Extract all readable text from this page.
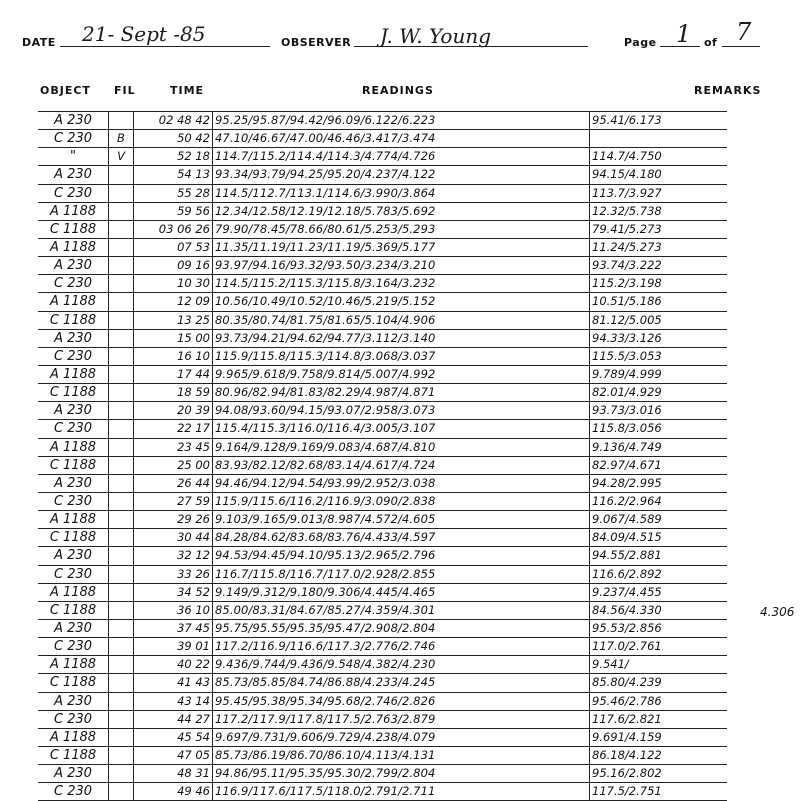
DATE 21- Sept -85	OBSERVER J. W. Young	Page 1 of 7
OBJECT FIL	TIME	READINGS	REMARKS
A 230		02 48 42	95.25/95.87/94.42/96.09/6.122/6.223	95.41/6.173
C 230	B	50 42	47.10/46.67/47.00/46.46/3.417/3.474	
"	V	52 18	114.7/115.2/114.4/114.3/4.774/4.726	114.7/4.750
A 230		54 13	93.34/93.79/94.25/95.20/4.237/4.122	94.15/4.180
C 230		55 28	114.5/112.7/113.1/114.6/3.990/3.864	113.7/3.927
A 1188		59 56	12.34/12.58/12.19/12.18/5.783/5.692	12.32/5.738
C 1188		03 06 26	79.90/78.45/78.66/80.61/5.253/5.293	79.41/5.273
A 1188		07 53	11.35/11.19/11.23/11.19/5.369/5.177	11.24/5.273
A 230		09 16	93.97/94.16/93.32/93.50/3.234/3.210	93.74/3.222
C 230		10 30	114.5/115.2/115.3/115.8/3.164/3.232	115.2/3.198
A 1188		12 09	10.56/10.49/10.52/10.46/5.219/5.152	10.51/5.186
C 1188		13 25	80.35/80.74/81.75/81.65/5.104/4.906	81.12/5.005
A 230		15 00	93.73/94.21/94.62/94.77/3.112/3.140	94.33/3.126
C 230		16 10	115.9/115.8/115.3/114.8/3.068/3.037	115.5/3.053
A 1188		17 44	9.965/9.618/9.758/9.814/5.007/4.992	9.789/4.999
C 1188		18 59	80.96/82.94/81.83/82.29/4.987/4.871	82.01/4.929
A 230		20 39	94.08/93.60/94.15/93.07/2.958/3.073	93.73/3.016
C 230		22 17	115.4/115.3/116.0/116.4/3.005/3.107	115.8/3.056
A 1188		23 45	9.164/9.128/9.169/9.083/4.687/4.810	9.136/4.749
C 1188		25 00	83.93/82.12/82.68/83.14/4.617/4.724	82.97/4.671
A 230		26 44	94.46/94.12/94.54/93.99/2.952/3.038	94.28/2.995
C 230		27 59	115.9/115.6/116.2/116.9/3.090/2.838	116.2/2.964
A 1188		29 26	9.103/9.165/9.013/8.987/4.572/4.605	9.067/4.589
C 1188		30 44	84.28/84.62/83.68/83.76/4.433/4.597	84.09/4.515
A 230		32 12	94.53/94.45/94.10/95.13/2.965/2.796	94.55/2.881
C 230		33 26	116.7/115.8/116.7/117.0/2.928/2.855	116.6/2.892
A 1188		34 52	9.149/9.312/9.180/9.306/4.445/4.465	9.237/4.455
C 1188		36 10	85.00/83.31/84.67/85.27/4.359/4.301	84.56/4.330
A 230		37 45	95.75/95.55/95.35/95.47/2.908/2.804	95.53/2.856
C 230		39 01	117.2/116.9/116.6/117.3/2.776/2.746	117.0/2.761
A 1188		40 22	9.436/9.744/9.436/9.548/4.382/4.230	9.541/
C 1188		41 43	85.73/85.85/84.74/86.88/4.233/4.245	85.80/4.239
A 230		43 14	95.45/95.38/95.34/95.68/2.746/2.826	95.46/2.786
C 230		44 27	117.2/117.9/117.8/117.5/2.763/2.879	117.6/2.821
A 1188		45 54	9.697/9.731/9.606/9.729/4.238/4.079	9.691/4.159
C 1188		47 05	85.73/86.19/86.70/86.10/4.113/4.131	86.18/4.122
A 230		48 31	94.86/95.11/95.35/95.30/2.799/2.804	95.16/2.802
C 230		49 46	116.9/117.6/117.5/118.0/2.791/2.711	117.5/2.751
4.306
